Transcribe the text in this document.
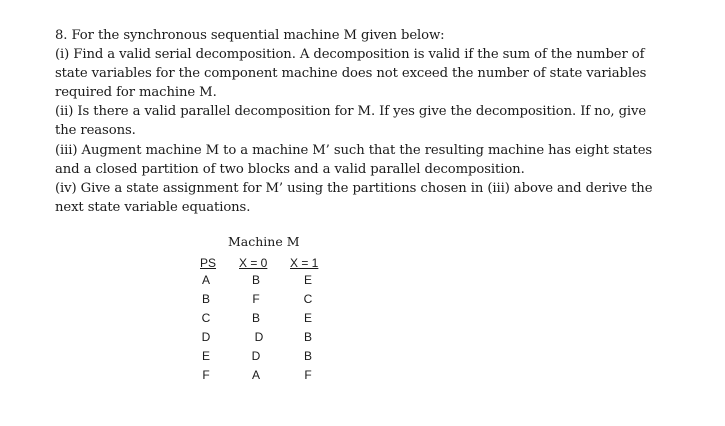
8. For the synchronous sequential machine M given below:

(i) Find a valid serial decomposition. A decomposition is valid if the sum of the number of

state variables for the component machine does not exceed the number of state variables

required for machine M.

(ii) Is there a valid parallel decomposition for M. If yes give the decomposition. If no, give

the reasons.

(iii) Augment machine M to a machine M’ such that the resulting machine has eight states

and a closed partition of two blocks and a valid parallel decomposition.

(iv) Give a state assignment for M’ using the partitions chosen in (iii) above and derive the

next state variable equations.

Machine M
PS X = 0 X = 1
A	B	E
B	F	C
C	B	E
D	D	B
E	D	B
F	A	F
